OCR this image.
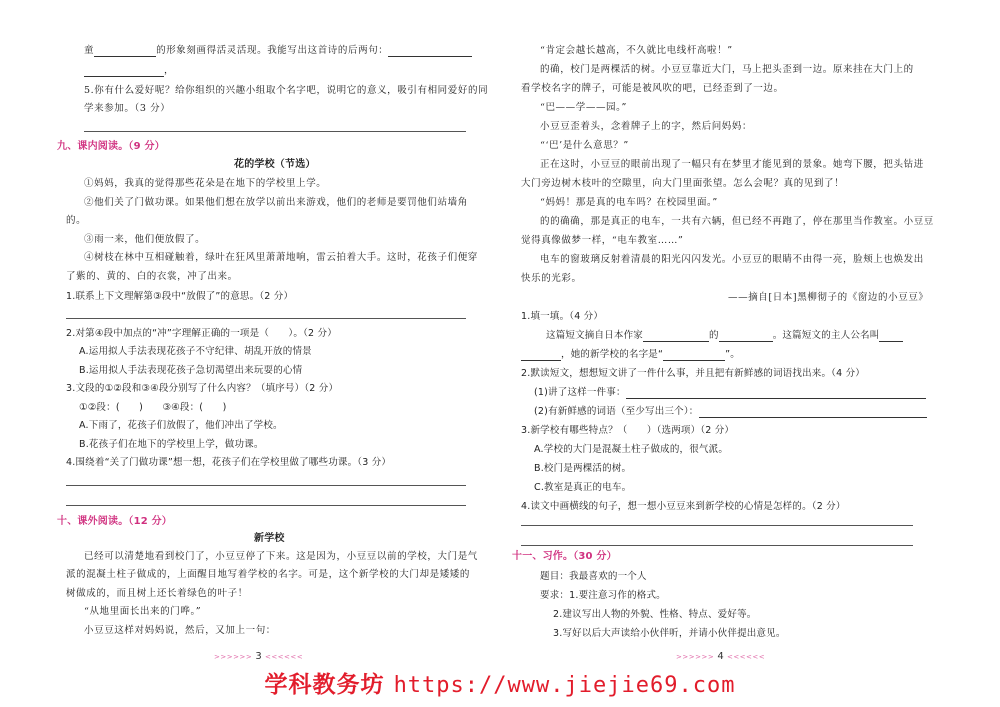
童	的形象刻画得活灵活现。我能写出这首诗的后两句：
，
5.你有什么爱好呢？给你组织的兴趣小组取个名字吧，说明它的意义，吸引有相同爱好的同
学来参加。（3 分）
九、课内阅读。（9 分）
花的学校（节选）
①妈妈，我真的觉得那些花朵是在地下的学校里上学。
②他们关了门做功课。如果他们想在放学以前出来游戏，他们的老师是要罚他们站墙角
的。
③雨一来，他们便放假了。
④树枝在林中互相碰触着，绿叶在狂风里萧萧地响，雷云拍着大手。这时，花孩子们便穿
了紫的、黄的、白的衣裳，冲了出来。
1.联系上下文理解第③段中“放假了”的意思。（2 分）
2.对第④段中加点的“冲”字理解正确的一项是（　　）。（2 分）
A.运用拟人手法表现花孩子不守纪律、胡乱开放的情景
B.运用拟人手法表现花孩子急切渴望出来玩耍的心情
3.文段的①②段和③④段分别写了什么内容？（填序号）（2 分）
①②段：(　　)　　③④段：(　　)
A.下雨了，花孩子们放假了，他们冲出了学校。
B.花孩子们在地下的学校里上学，做功课。
4.围绕着“关了门做功课”想一想，花孩子们在学校里做了哪些功课。（3 分）
十、课外阅读。（12 分）
新学校
已经可以清楚地看到校门了，小豆豆停了下来。这是因为，小豆豆以前的学校，大门是气
派的混凝土柱子做成的，上面醒目地写着学校的名字。可是，这个新学校的大门却是矮矮的
树做成的，而且树上还长着绿色的叶子！
“从地里面长出来的门哗。”
小豆豆这样对妈妈说，然后，又加上一句：
>>>>>> 3 <<<<<<
“肯定会越长越高，不久就比电线杆高啦！”
的确，校门是两棵活的树。小豆豆靠近大门，马上把头歪到一边。原来挂在大门上的
看学校名字的牌子，可能是被风吹的吧，已经歪到了一边。
“巴——学——园。”
小豆豆歪着头，念着牌子上的字，然后问妈妈：
“‘巴’是什么意思？”
正在这时，小豆豆的眼前出现了一幅只有在梦里才能见到的景象。她弯下腰，把头钻进
大门旁边树木枝叶的空隙里，向大门里面张望。怎么会呢？真的见到了！
“妈妈！那是真的电车吗？在校园里面。”
的的确确，那是真正的电车，一共有六辆，但已经不再跑了，停在那里当作教室。小豆豆
觉得真像做梦一样，“电车教室……”
电车的窗玻璃反射着清晨的阳光闪闪发光。小豆豆的眼睛不由得一亮，脸颊上也焕发出
快乐的光彩。
——摘自[日本]黑柳彻子的《窗边的小豆豆》
1.填一填。（4 分）
这篇短文摘自日本作家	的	。这篇短文的主人公名叫
，她的新学校的名字是“	”。
2.默读短文，想想短文讲了一件什么事，并且把有新鲜感的词语找出来。（4 分）
(1)讲了这样一件事：
(2)有新鲜感的词语（至少写出三个）：
3.新学校有哪些特点？（　　）（选两项）（2 分）
A.学校的大门是混凝土柱子做成的，很气派。
B.校门是两棵活的树。
C.教室是真正的电车。
4.读文中画横线的句子，想一想小豆豆来到新学校的心情是怎样的。（2 分）
十一、习作。（30 分）
题目：我最喜欢的一个人
要求：1.要注意习作的格式。
2.建议写出人物的外貌、性格、特点、爱好等。
3.写好以后大声读给小伙伴听，并请小伙伴提出意见。
>>>>>> 4 <<<<<<
学科教务坊 https://www.jiejie69.com
